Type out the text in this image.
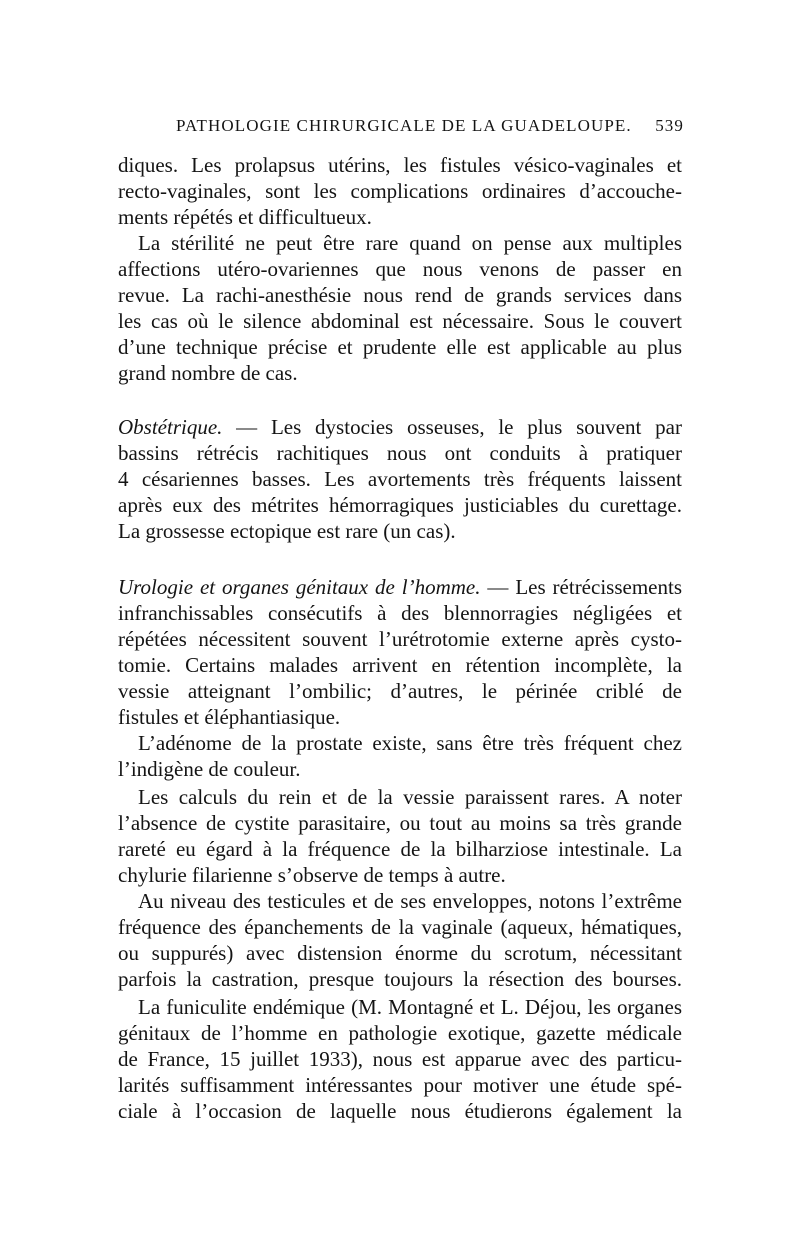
PATHOLOGIE CHIRURGICALE DE LA GUADELOUPE. 539
diques. Les prolapsus utérins, les fistules vésico-vaginales et
recto-vaginales, sont les complications ordinaires d’accouche-
ments répétés et difficultueux.
La stérilité ne peut être rare quand on pense aux multiples
affections utéro-ovariennes que nous venons de passer en
revue. La rachi-anesthésie nous rend de grands services dans
les cas où le silence abdominal est nécessaire. Sous le couvert
d’une technique précise et prudente elle est applicable au plus
grand nombre de cas.
Obstétrique. — Les dystocies osseuses, le plus souvent par
bassins rétrécis rachitiques nous ont conduits à pratiquer
4 césariennes basses. Les avortements très fréquents laissent
après eux des métrites hémorragiques justiciables du curettage.
La grossesse ectopique est rare (un cas).
Urologie et organes génitaux de l’homme. — Les rétrécissements
infranchissables consécutifs à des blennorragies négligées et
répétées nécessitent souvent l’urétrotomie externe après cysto-
tomie. Certains malades arrivent en rétention incomplète, la
vessie atteignant l’ombilic; d’autres, le périnée criblé de
fistules et éléphantiasique.
L’adénome de la prostate existe, sans être très fréquent chez
l’indigène de couleur.
Les calculs du rein et de la vessie paraissent rares. A noter
l’absence de cystite parasitaire, ou tout au moins sa très grande
rareté eu égard à la fréquence de la bilharziose intestinale. La
chylurie filarienne s’observe de temps à autre.
Au niveau des testicules et de ses enveloppes, notons l’extrême
fréquence des épanchements de la vaginale (aqueux, hématiques,
ou suppurés) avec distension énorme du scrotum, nécessitant
parfois la castration, presque toujours la résection des bourses.
La funiculite endémique (M. Montagné et L. Déjou, les organes
génitaux de l’homme en pathologie exotique, gazette médicale
de France, 15 juillet 1933), nous est apparue avec des particu-
larités suffisamment intéressantes pour motiver une étude spé-
ciale à l’occasion de laquelle nous étudierons également la
